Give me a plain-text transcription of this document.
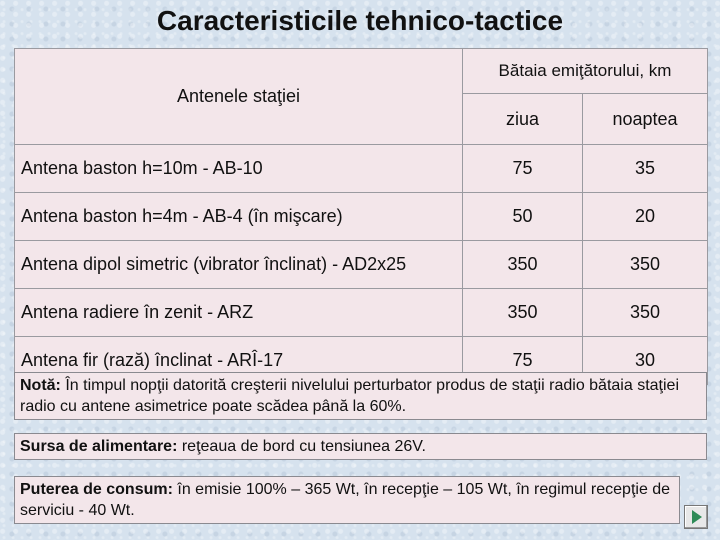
Caracteristicile tehnico-tactice
Antenele staţiei	Bătaia emiţătorului, km	
	ziua	noaptea
Antena baston h=10m - AB-10	75	35
Antena baston h=4m - AB-4 (în mişcare)	50	20
Antena dipol simetric (vibrator înclinat) - AD2x25	350	350
Antena radiere în zenit - ARZ	350	350
Antena fir (rază) înclinat - ARÎ-17	75	30
Notă: În timpul nopţii datorită creşterii nivelului perturbator produs de staţii radio bătaia staţiei radio cu antene asimetrice poate scădea până la 60%.
Sursa de alimentare: reţeaua de bord cu tensiunea 26V.
Puterea de consum: în emisie 100% – 365 Wt, în recepţie – 105 Wt, în regimul recepţie de serviciu - 40 Wt.
